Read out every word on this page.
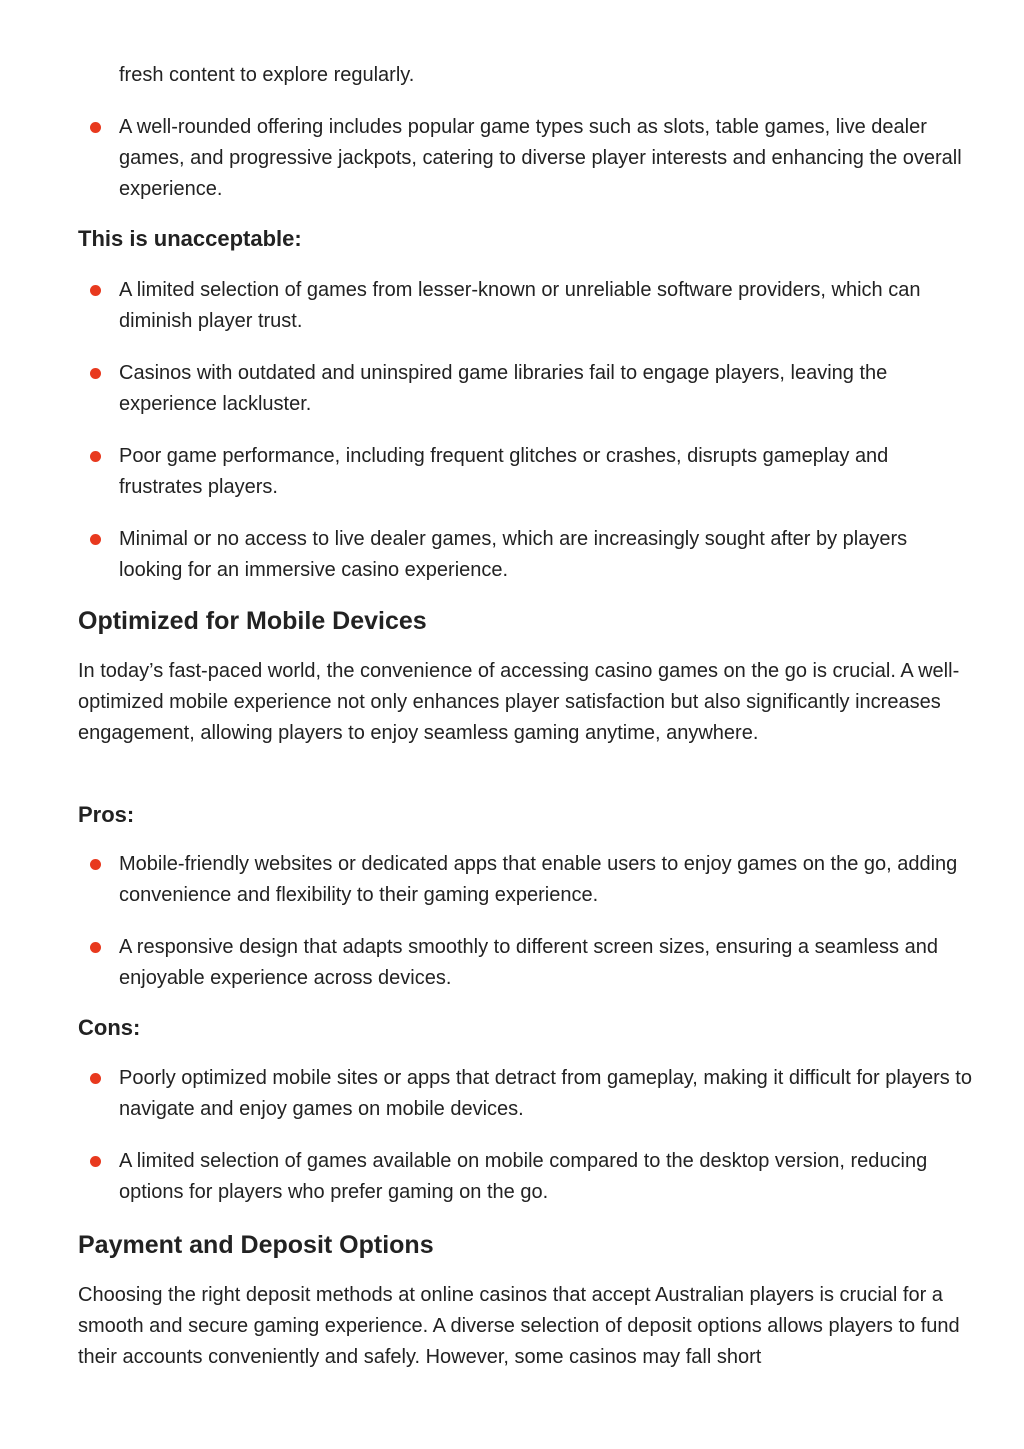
fresh content to explore regularly.

A well-rounded offering includes popular game types such as slots, table games, live dealer games, and progressive jackpots, catering to diverse player interests and enhancing the overall experience.
This is unacceptable:
A limited selection of games from lesser-known or unreliable software providers, which can diminish player trust.
Casinos with outdated and uninspired game libraries fail to engage players, leaving the experience lackluster.
Poor game performance, including frequent glitches or crashes, disrupts gameplay and frustrates players.
Minimal or no access to live dealer games, which are increasingly sought after by players looking for an immersive casino experience.
Optimized for Mobile Devices

In today’s fast-paced world, the convenience of accessing casino games on the go is crucial. A well-optimized mobile experience not only enhances player satisfaction but also significantly increases engagement, allowing players to enjoy seamless gaming anytime, anywhere.

Pros:
Mobile-friendly websites or dedicated apps that enable users to enjoy games on the go, adding convenience and flexibility to their gaming experience.
A responsive design that adapts smoothly to different screen sizes, ensuring a seamless and enjoyable experience across devices.
Cons:
Poorly optimized mobile sites or apps that detract from gameplay, making it difficult for players to navigate and enjoy games on mobile devices.
A limited selection of games available on mobile compared to the desktop version, reducing options for players who prefer gaming on the go.
Payment and Deposit Options

Choosing the right deposit methods at online casinos that accept Australian players is crucial for a smooth and secure gaming experience. A diverse selection of deposit options allows players to fund their accounts conveniently and safely. However, some casinos may fall short
